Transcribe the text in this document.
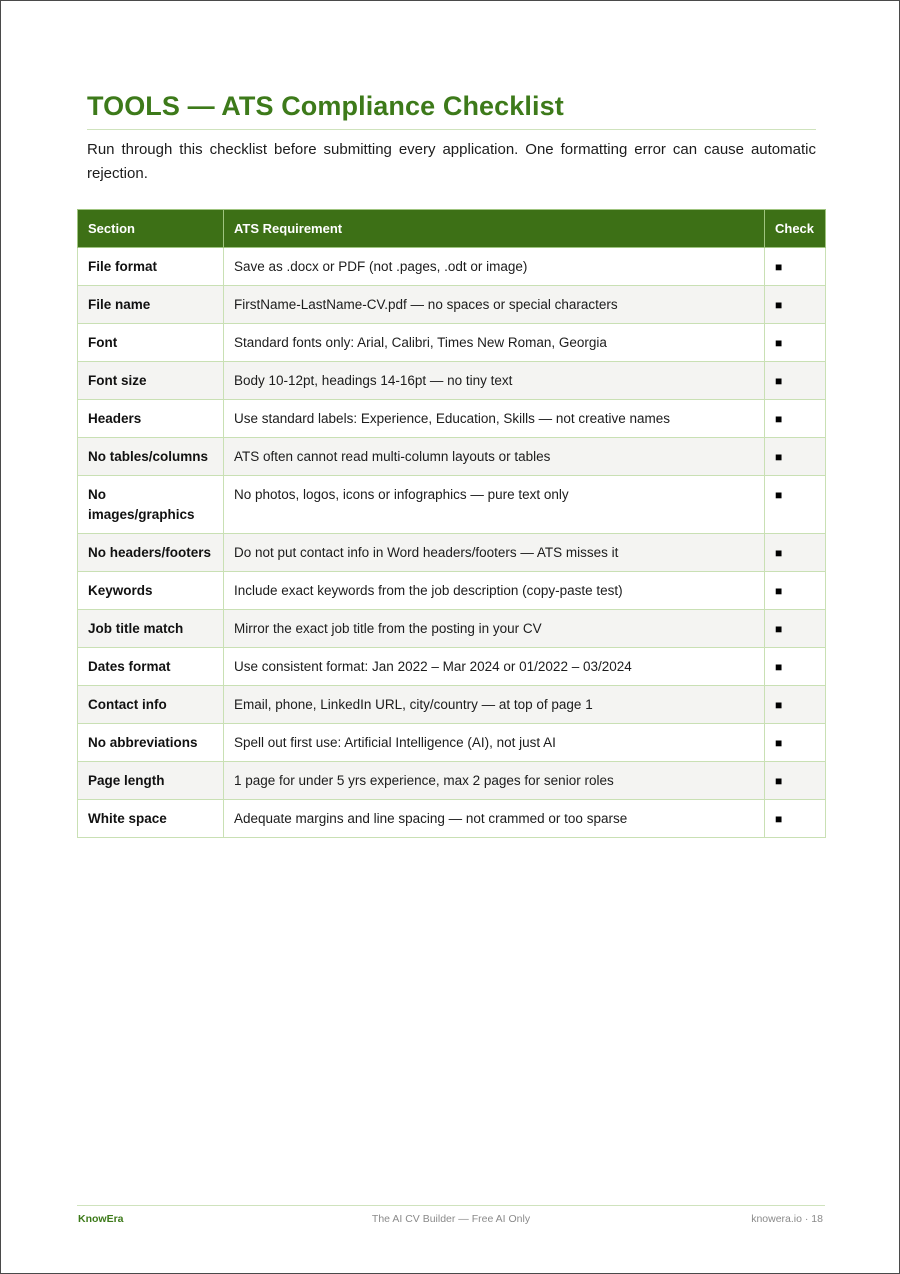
TOOLS — ATS Compliance Checklist

Run through this checklist before submitting every application. One formatting error can cause automatic rejection.

Section	ATS Requirement	Check
File format	Save as .docx or PDF (not .pages, .odt or image)	■
File name	FirstName-LastName-CV.pdf — no spaces or special characters	■
Font	Standard fonts only: Arial, Calibri, Times New Roman, Georgia	■
Font size	Body 10-12pt, headings 14-16pt — no tiny text	■
Headers	Use standard labels: Experience, Education, Skills — not creative names	■
No tables/columns	ATS often cannot read multi-column layouts or tables	■
No images/graphics	No photos, logos, icons or infographics — pure text only	■
No headers/footers	Do not put contact info in Word headers/footers — ATS misses it	■
Keywords	Include exact keywords from the job description (copy-paste test)	■
Job title match	Mirror the exact job title from the posting in your CV	■
Dates format	Use consistent format: Jan 2022 – Mar 2024 or 01/2022 – 03/2024	■
Contact info	Email, phone, LinkedIn URL, city/country — at top of page 1	■
No abbreviations	Spell out first use: Artificial Intelligence (AI), not just AI	■
Page length	1 page for under 5 yrs experience, max 2 pages for senior roles	■
White space	Adequate margins and line spacing — not crammed or too sparse	■
KnowEra	The AI CV Builder — Free AI Only	knowera.io · 18
